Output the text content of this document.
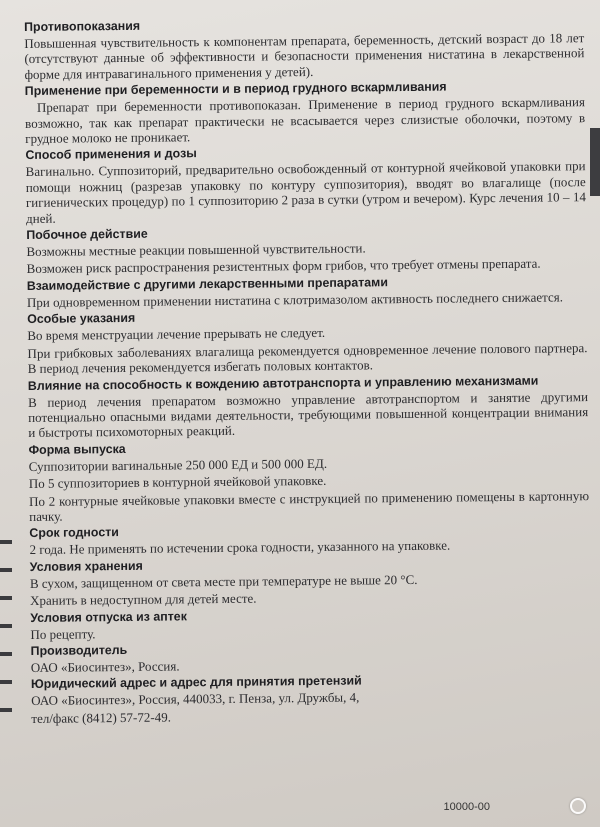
Противопоказания

Повышенная чувствительность к компонентам препарата, беременность, детский возраст до 18 лет (отсутствуют данные об эффективности и безопасности применения нистатина в лекарственной форме для интравагинального применения у детей).

Применение при беременности и в период грудного вскармливания

Препарат при беременности противопоказан. Применение в период грудного вскармливания возможно, так как препарат практически не всасывается через слизистые оболочки, поэтому в грудное молоко не проникает.

Способ применения и дозы

Вагинально. Суппозиторий, предварительно освобожденный от контурной ячейковой упаковки при помощи ножниц (разрезав упаковку по контуру суппозитория), вводят во влагалище (после гигиенических процедур) по 1 суппозиторию 2 раза в сутки (утром и вечером). Курс лечения 10 – 14 дней.

Побочное действие

Возможны местные реакции повышенной чувствительности.

Возможен риск распространения резистентных форм грибов, что требует отмены препарата.

Взаимодействие с другими лекарственными препаратами

При одновременном применении нистатина с клотримазолом активность последнего снижается.

Особые указания

Во время менструации лечение прерывать не следует.

При грибковых заболеваниях влагалища рекомендуется одновременное лечение полового партнера. В период лечения рекомендуется избегать половых контактов.

Влияние на способность к вождению автотранспорта и управлению механизмами

В период лечения препаратом возможно управление автотранспортом и занятие другими потенциально опасными видами деятельности, требующими повышенной концентрации внимания и быстроты психомоторных реакций.

Форма выпуска

Суппозитории вагинальные 250 000 ЕД и 500 000 ЕД.

По 5 суппозиториев в контурной ячейковой упаковке.

По 2 контурные ячейковые упаковки вместе с инструкцией по применению помещены в картонную пачку.

Срок годности

2 года. Не применять по истечении срока годности, указанного на упаковке.

Условия хранения

В сухом, защищенном от света месте при температуре не выше 20 °С.

Хранить в недоступном для детей месте.

Условия отпуска из аптек

По рецепту.

Производитель

ОАО «Биосинтез», Россия.

Юридический адрес и адрес для принятия претензий

ОАО «Биосинтез», Россия, 440033, г. Пенза, ул. Дружбы, 4,

тел/факс (8412) 57-72-49.

10000-00
